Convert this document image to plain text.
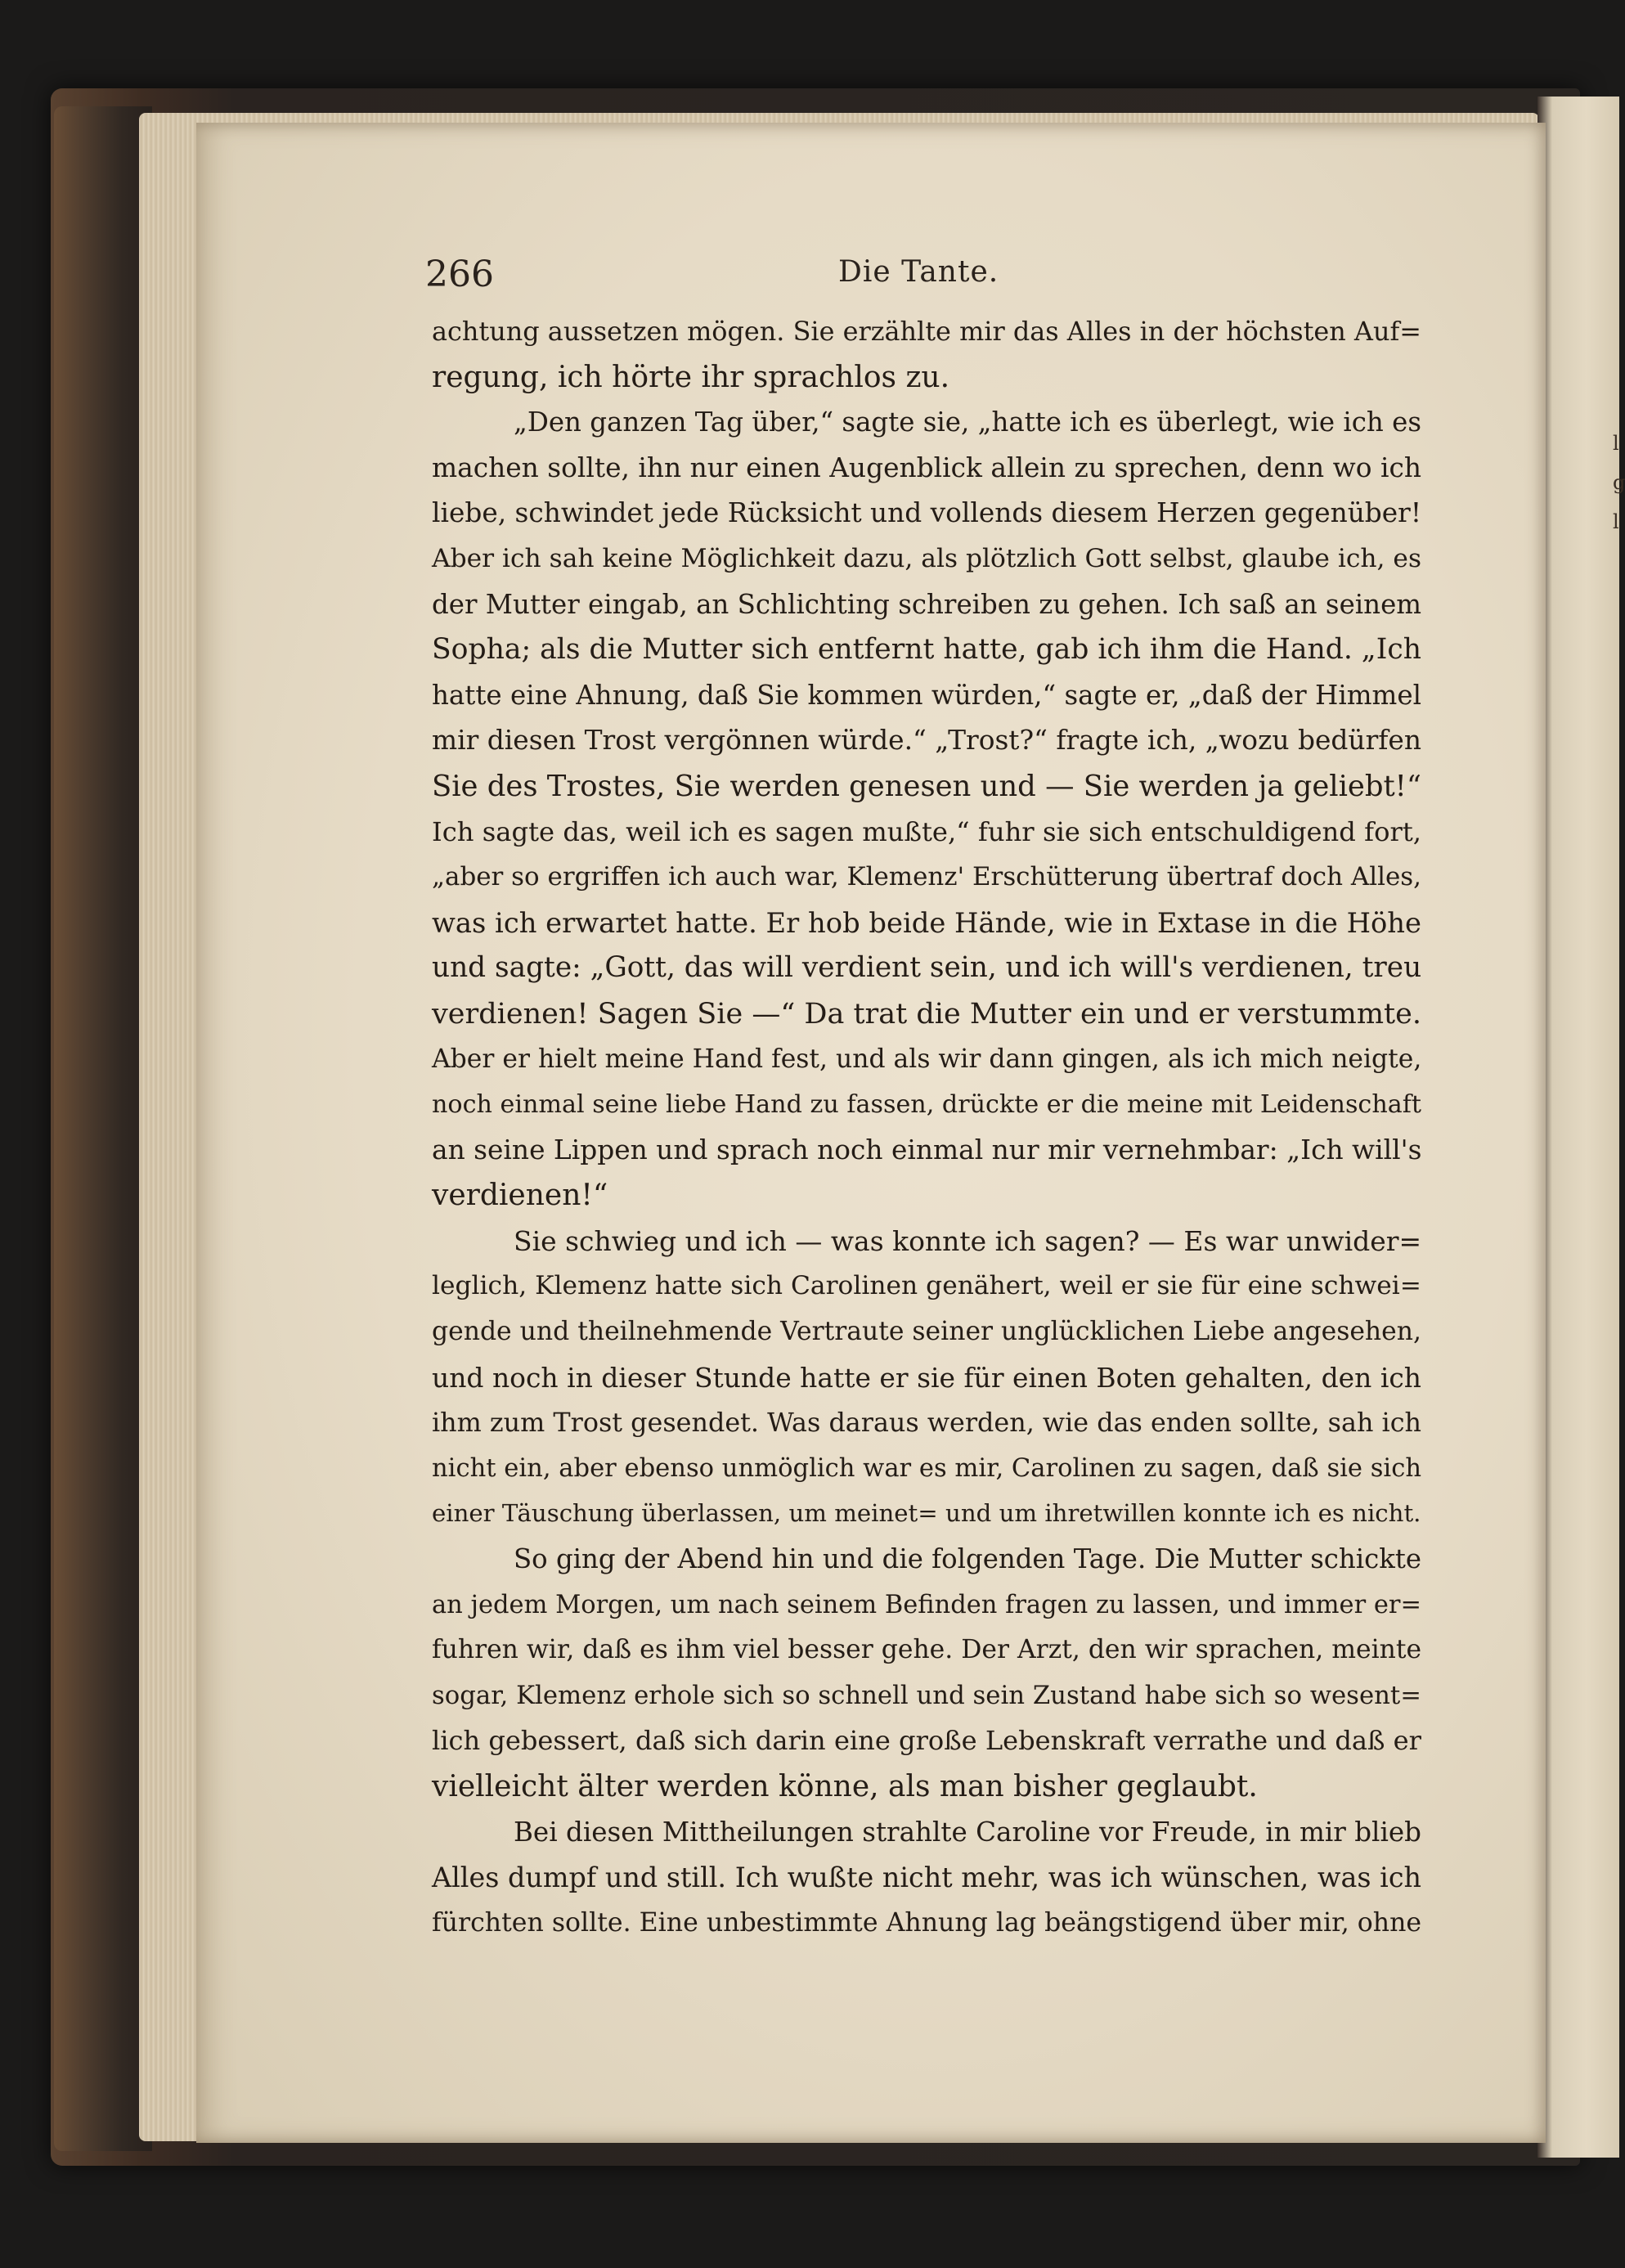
l
g
l
266	Die Tante.
achtung aussetzen mögen. Sie erzählte mir das Alles in der höchsten Auf=
regung, ich hörte ihr sprachlos zu.
„Den ganzen Tag über,“ sagte sie, „hatte ich es überlegt, wie ich es
machen sollte, ihn nur einen Augenblick allein zu sprechen, denn wo ich
liebe, schwindet jede Rücksicht und vollends diesem Herzen gegenüber!
Aber ich sah keine Möglichkeit dazu, als plötzlich Gott selbst, glaube ich, es
der Mutter eingab, an Schlichting schreiben zu gehen. Ich saß an seinem
Sopha; als die Mutter sich entfernt hatte, gab ich ihm die Hand. „Ich
hatte eine Ahnung, daß Sie kommen würden,“ sagte er, „daß der Himmel
mir diesen Trost vergönnen würde.“ „Trost?“ fragte ich, „wozu bedürfen
Sie des Trostes, Sie werden genesen und — Sie werden ja geliebt!“
Ich sagte das, weil ich es sagen mußte,“ fuhr sie sich entschuldigend fort,
„aber so ergriffen ich auch war, Klemenz' Erschütterung übertraf doch Alles,
was ich erwartet hatte. Er hob beide Hände, wie in Extase in die Höhe
und sagte: „Gott, das will verdient sein, und ich will's verdienen, treu
verdienen! Sagen Sie —“ Da trat die Mutter ein und er verstummte.
Aber er hielt meine Hand fest, und als wir dann gingen, als ich mich neigte,
noch einmal seine liebe Hand zu fassen, drückte er die meine mit Leidenschaft
an seine Lippen und sprach noch einmal nur mir vernehmbar: „Ich will's
verdienen!“
Sie schwieg und ich — was konnte ich sagen? — Es war unwider=
leglich, Klemenz hatte sich Carolinen genähert, weil er sie für eine schwei=
gende und theilnehmende Vertraute seiner unglücklichen Liebe angesehen,
und noch in dieser Stunde hatte er sie für einen Boten gehalten, den ich
ihm zum Trost gesendet. Was daraus werden, wie das enden sollte, sah ich
nicht ein, aber ebenso unmöglich war es mir, Carolinen zu sagen, daß sie sich
einer Täuschung überlassen, um meinet= und um ihretwillen konnte ich es nicht.
So ging der Abend hin und die folgenden Tage. Die Mutter schickte
an jedem Morgen, um nach seinem Befinden fragen zu lassen, und immer er=
fuhren wir, daß es ihm viel besser gehe. Der Arzt, den wir sprachen, meinte
sogar, Klemenz erhole sich so schnell und sein Zustand habe sich so wesent=
lich gebessert, daß sich darin eine große Lebenskraft verrathe und daß er
vielleicht älter werden könne, als man bisher geglaubt.
Bei diesen Mittheilungen strahlte Caroline vor Freude, in mir blieb
Alles dumpf und still. Ich wußte nicht mehr, was ich wünschen, was ich
fürchten sollte. Eine unbestimmte Ahnung lag beängstigend über mir, ohne
